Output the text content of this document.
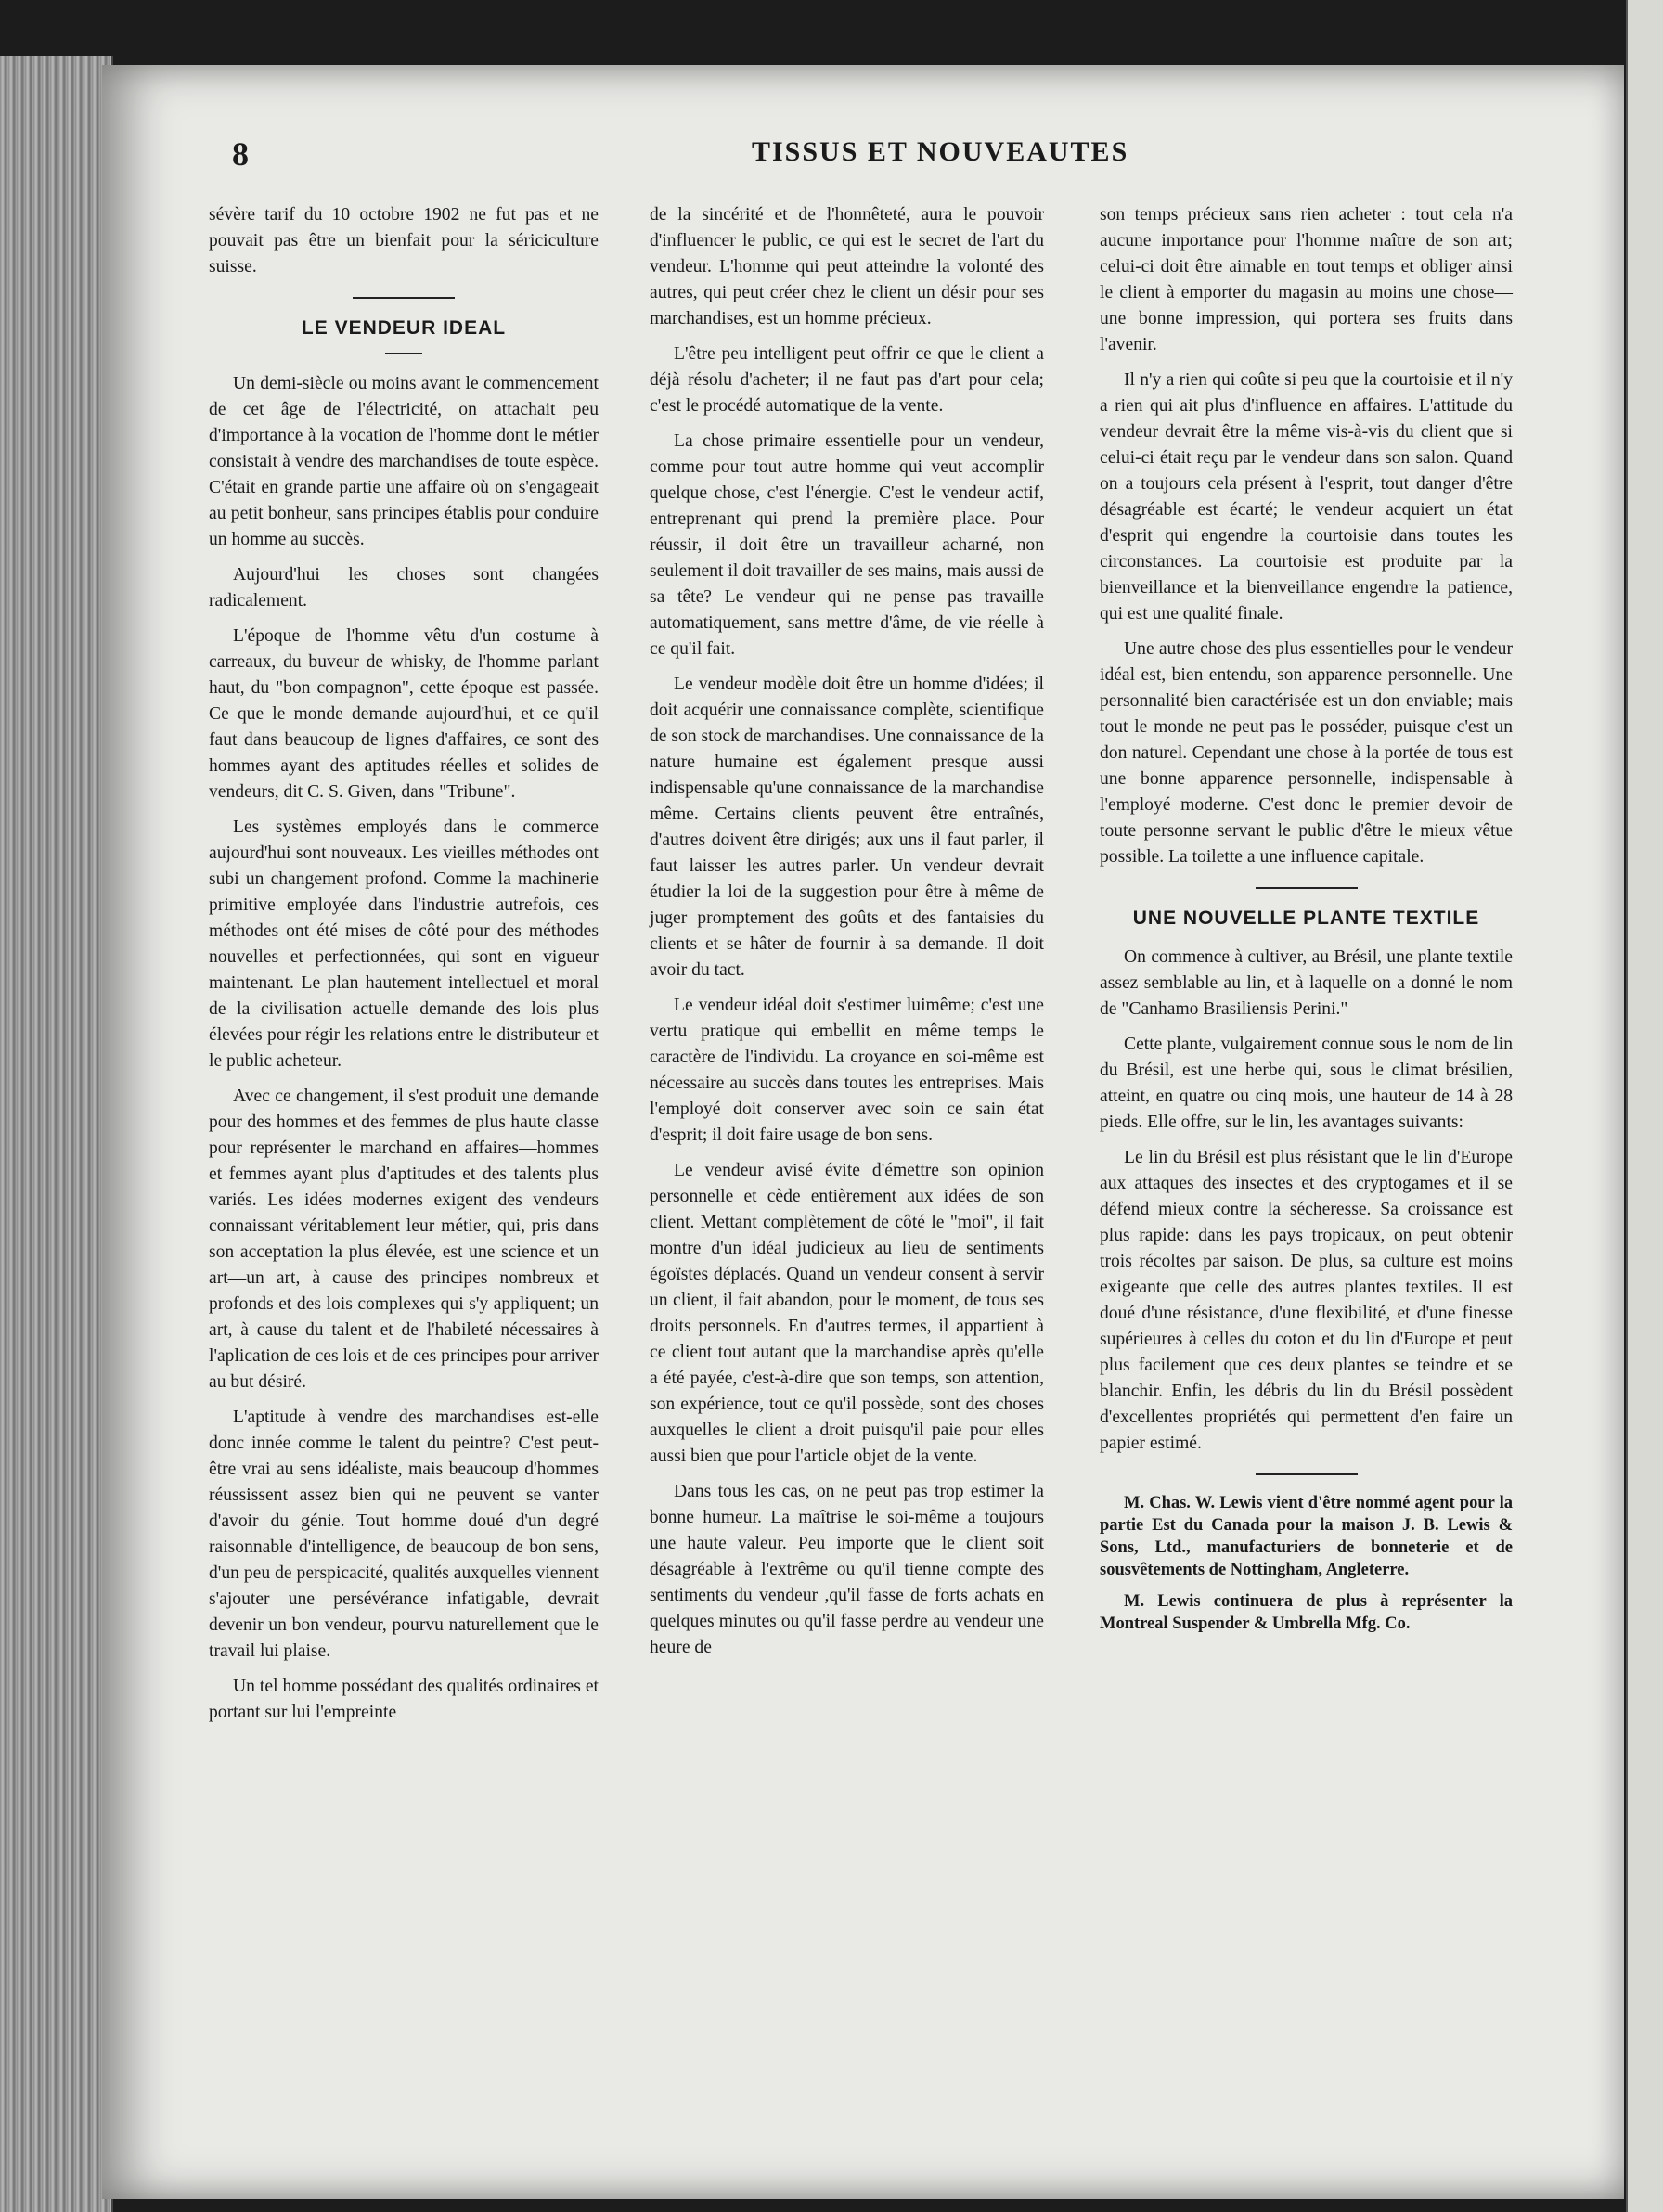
8	TISSUS ET NOUVEAUTES

sévère tarif du 10 octobre 1902 ne fut pas et ne pouvait pas être un bienfait pour la sériciculture suisse.

LE VENDEUR IDEAL

Un demi-siècle ou moins avant le commencement de cet âge de l'électricité, on attachait peu d'importance à la vocation de l'homme dont le métier consistait à vendre des marchandises de toute espèce. C'était en grande partie une affaire où on s'engageait au petit bonheur, sans principes établis pour conduire un homme au succès.

Aujourd'hui les choses sont changées radicalement.

L'époque de l'homme vêtu d'un costume à carreaux, du buveur de whisky, de l'homme parlant haut, du "bon compagnon", cette époque est passée. Ce que le monde demande aujourd'hui, et ce qu'il faut dans beaucoup de lignes d'affaires, ce sont des hommes ayant des aptitudes réelles et solides de vendeurs, dit C. S. Given, dans "Tribune".

Les systèmes employés dans le commerce aujourd'hui sont nouveaux. Les vieilles méthodes ont subi un changement profond. Comme la machinerie primitive employée dans l'industrie autrefois, ces méthodes ont été mises de côté pour des méthodes nouvelles et perfectionnées, qui sont en vigueur maintenant. Le plan hautement intellectuel et moral de la civilisation actuelle demande des lois plus élevées pour régir les relations entre le distributeur et le public acheteur.

Avec ce changement, il s'est produit une demande pour des hommes et des femmes de plus haute classe pour représenter le marchand en affaires—hommes et femmes ayant plus d'aptitudes et des talents plus variés. Les idées modernes exigent des vendeurs connaissant véritablement leur métier, qui, pris dans son acceptation la plus élevée, est une science et un art—un art, à cause des principes nombreux et profonds et des lois complexes qui s'y appliquent; un art, à cause du talent et de l'habileté nécessaires à l'aplication de ces lois et de ces principes pour arriver au but désiré.

L'aptitude à vendre des marchandises est-elle donc innée comme le talent du peintre? C'est peut-être vrai au sens idéaliste, mais beaucoup d'hommes réussissent assez bien qui ne peuvent se vanter d'avoir du génie. Tout homme doué d'un degré raisonnable d'intelligence, de beaucoup de bon sens, d'un peu de perspicacité, qualités auxquelles viennent s'ajouter une persévérance infatigable, devrait devenir un bon vendeur, pourvu naturellement que le travail lui plaise.

Un tel homme possédant des qualités ordinaires et portant sur lui l'empreinte

de la sincérité et de l'honnêteté, aura le pouvoir d'influencer le public, ce qui est le secret de l'art du vendeur. L'homme qui peut atteindre la volonté des autres, qui peut créer chez le client un désir pour ses marchandises, est un homme précieux.

L'être peu intelligent peut offrir ce que le client a déjà résolu d'acheter; il ne faut pas d'art pour cela; c'est le procédé automatique de la vente.

La chose primaire essentielle pour un vendeur, comme pour tout autre homme qui veut accomplir quelque chose, c'est l'énergie. C'est le vendeur actif, entreprenant qui prend la première place. Pour réussir, il doit être un travailleur acharné, non seulement il doit travailler de ses mains, mais aussi de sa tête? Le vendeur qui ne pense pas travaille automatiquement, sans mettre d'âme, de vie réelle à ce qu'il fait.

Le vendeur modèle doit être un homme d'idées; il doit acquérir une connaissance complète, scientifique de son stock de marchandises. Une connaissance de la nature humaine est également presque aussi indispensable qu'une connaissance de la marchandise même. Certains clients peuvent être entraînés, d'autres doivent être dirigés; aux uns il faut parler, il faut laisser les autres parler. Un vendeur devrait étudier la loi de la suggestion pour être à même de juger promptement des goûts et des fantaisies du clients et se hâter de fournir à sa demande. Il doit avoir du tact.

Le vendeur idéal doit s'estimer luimême; c'est une vertu pratique qui embellit en même temps le caractère de l'individu. La croyance en soi-même est nécessaire au succès dans toutes les entreprises. Mais l'employé doit conserver avec soin ce sain état d'esprit; il doit faire usage de bon sens.

Le vendeur avisé évite d'émettre son opinion personnelle et cède entièrement aux idées de son client. Mettant complètement de côté le "moi", il fait montre d'un idéal judicieux au lieu de sentiments égoïstes déplacés. Quand un vendeur consent à servir un client, il fait abandon, pour le moment, de tous ses droits personnels. En d'autres termes, il appartient à ce client tout autant que la marchandise après qu'elle a été payée, c'est-à-dire que son temps, son attention, son expérience, tout ce qu'il possède, sont des choses auxquelles le client a droit puisqu'il paie pour elles aussi bien que pour l'article objet de la vente.

Dans tous les cas, on ne peut pas trop estimer la bonne humeur. La maîtrise le soi-même a toujours une haute valeur. Peu importe que le client soit désagréable à l'extrême ou qu'il tienne compte des sentiments du vendeur ,qu'il fasse de forts achats en quelques minutes ou qu'il fasse perdre au vendeur une heure de

son temps précieux sans rien acheter : tout cela n'a aucune importance pour l'homme maître de son art; celui-ci doit être aimable en tout temps et obliger ainsi le client à emporter du magasin au moins une chose—une bonne impression, qui portera ses fruits dans l'avenir.

Il n'y a rien qui coûte si peu que la courtoisie et il n'y a rien qui ait plus d'influence en affaires. L'attitude du vendeur devrait être la même vis-à-vis du client que si celui-ci était reçu par le vendeur dans son salon. Quand on a toujours cela présent à l'esprit, tout danger d'être désagréable est écarté; le vendeur acquiert un état d'esprit qui engendre la courtoisie dans toutes les circonstances. La courtoisie est produite par la bienveillance et la bienveillance engendre la patience, qui est une qualité finale.

Une autre chose des plus essentielles pour le vendeur idéal est, bien entendu, son apparence personnelle. Une personnalité bien caractérisée est un don enviable; mais tout le monde ne peut pas le posséder, puisque c'est un don naturel. Cependant une chose à la portée de tous est une bonne apparence personnelle, indispensable à l'employé moderne. C'est donc le premier devoir de toute personne servant le public d'être le mieux vêtue possible. La toilette a une influence capitale.

UNE NOUVELLE PLANTE TEXTILE

On commence à cultiver, au Brésil, une plante textile assez semblable au lin, et à laquelle on a donné le nom de "Canhamo Brasiliensis Perini."

Cette plante, vulgairement connue sous le nom de lin du Brésil, est une herbe qui, sous le climat brésilien, atteint, en quatre ou cinq mois, une hauteur de 14 à 28 pieds. Elle offre, sur le lin, les avantages suivants:

Le lin du Brésil est plus résistant que le lin d'Europe aux attaques des insectes et des cryptogames et il se défend mieux contre la sécheresse. Sa croissance est plus rapide: dans les pays tropicaux, on peut obtenir trois récoltes par saison. De plus, sa culture est moins exigeante que celle des autres plantes textiles. Il est doué d'une résistance, d'une flexibilité, et d'une finesse supérieures à celles du coton et du lin d'Europe et peut plus facilement que ces deux plantes se teindre et se blanchir. Enfin, les débris du lin du Brésil possèdent d'excellentes propriétés qui permettent d'en faire un papier estimé.

M. Chas. W. Lewis vient d'être nommé agent pour la partie Est du Canada pour la maison J. B. Lewis & Sons, Ltd., manufacturiers de bonneterie et de sousvêtements de Nottingham, Angleterre.

M. Lewis continuera de plus à représenter la Montreal Suspender & Umbrella Mfg. Co.
